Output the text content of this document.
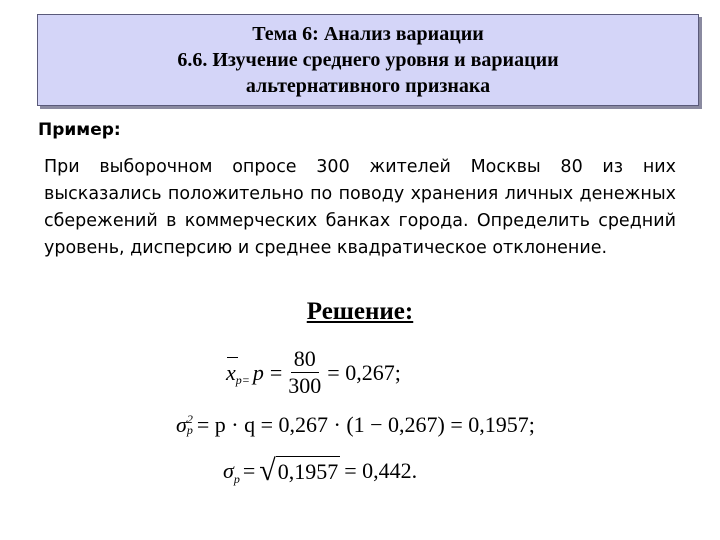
Тема 6: Анализ вариации
6.6. Изучение среднего уровня и вариации
альтернативного признака
Пример:
При выборочном опросе 300 жителей Москвы 80 из них высказались положительно по поводу хранения личных денежных сбережений в коммерческих банках города. Определить средний уровень, дисперсию и среднее квадратическое отклонение.
Решение:
x $p= p = \frac{80}{300} = 0,267$;
σ 2
p = p · q = 0,267 · (1 − 0,267) = 0,1957;
σ p = √ 0,1957 = 0,442.
